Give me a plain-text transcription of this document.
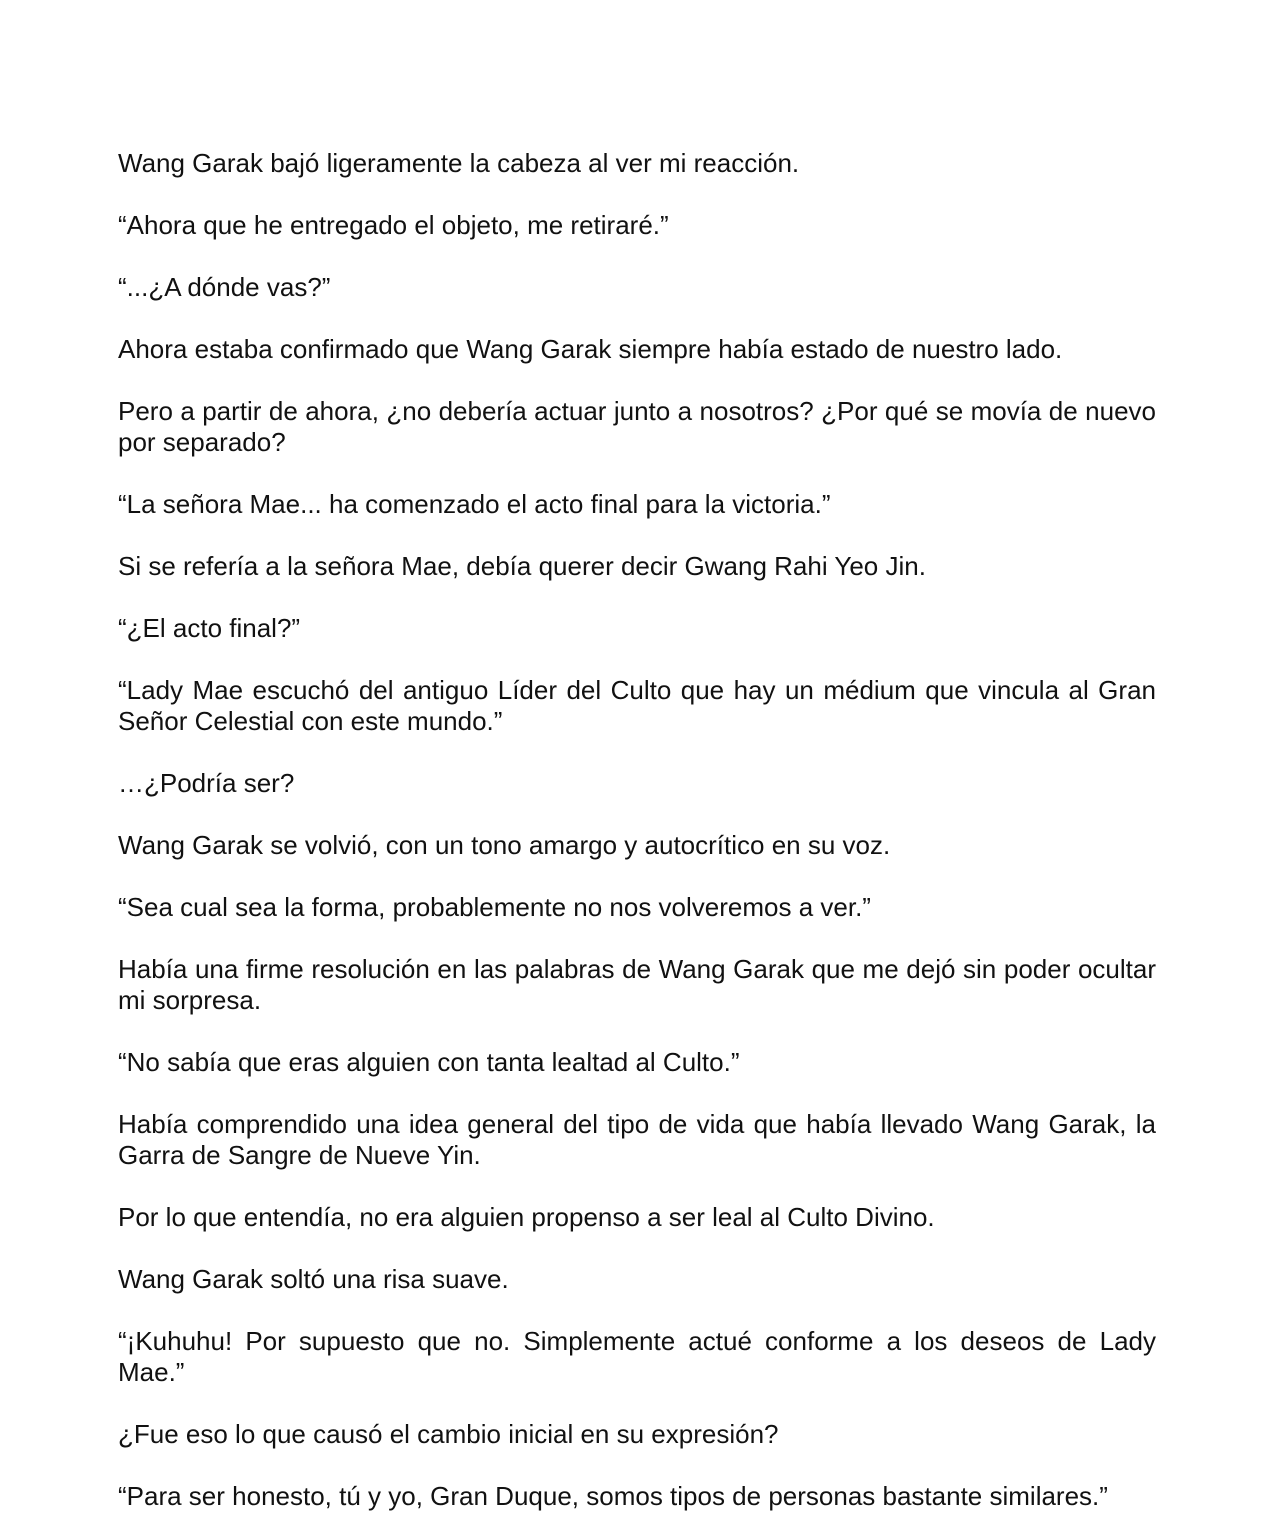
Wang Garak bajó ligeramente la cabeza al ver mi reacción.

“Ahora que he entregado el objeto, me retiraré.”

“...¿A dónde vas?”

Ahora estaba confirmado que Wang Garak siempre había estado de nuestro lado.

Pero a partir de ahora, ¿no debería actuar junto a nosotros? ¿Por qué se movía de nuevo por separado?

“La señora Mae... ha comenzado el acto final para la victoria.”

Si se refería a la señora Mae, debía querer decir Gwang Rahi Yeo Jin.

“¿El acto final?”

“Lady Mae escuchó del antiguo Líder del Culto que hay un médium que vincula al Gran Señor Celestial con este mundo.”

…¿Podría ser?

Wang Garak se volvió, con un tono amargo y autocrítico en su voz.

“Sea cual sea la forma, probablemente no nos volveremos a ver.”

Había una firme resolución en las palabras de Wang Garak que me dejó sin poder ocultar mi sorpresa.

“No sabía que eras alguien con tanta lealtad al Culto.”

Había comprendido una idea general del tipo de vida que había llevado Wang Garak, la Garra de Sangre de Nueve Yin.

Por lo que entendía, no era alguien propenso a ser leal al Culto Divino.

Wang Garak soltó una risa suave.

“¡Kuhuhu! Por supuesto que no. Simplemente actué conforme a los deseos de Lady Mae.”

¿Fue eso lo que causó el cambio inicial en su expresión?

“Para ser honesto, tú y yo, Gran Duque, somos tipos de personas bastante similares.”
